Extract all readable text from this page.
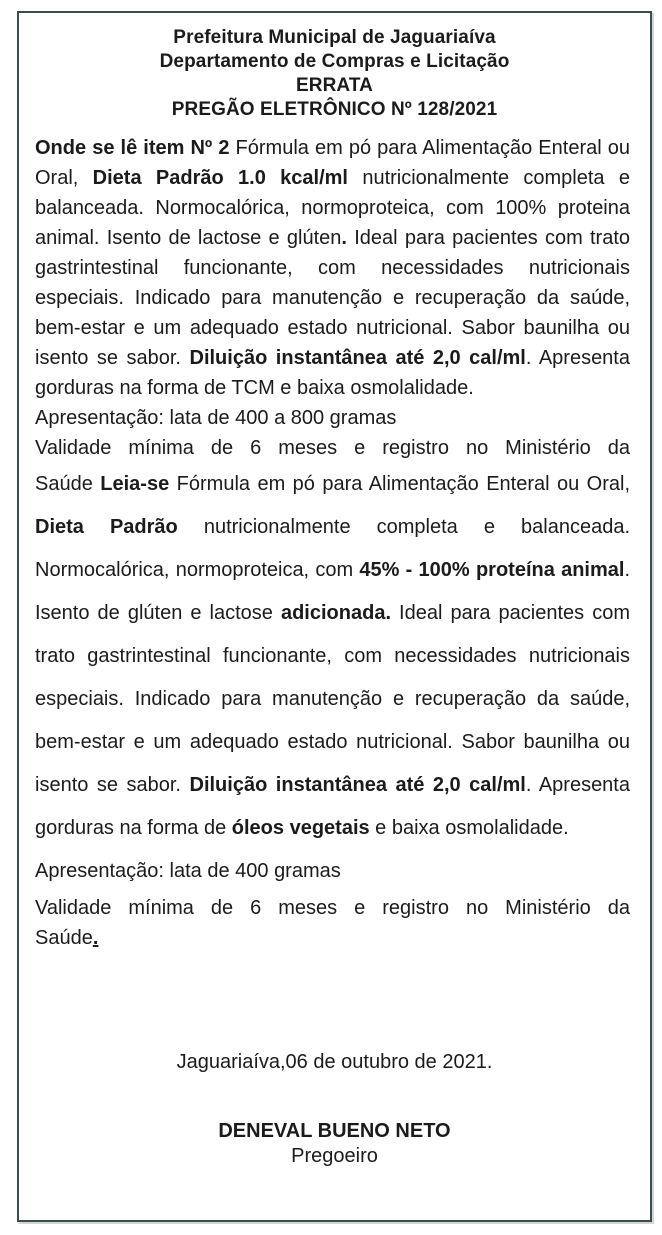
Prefeitura Municipal de Jaguariaíva
Departamento de Compras e Licitação
ERRATA
PREGÃO ELETRÔNICO Nº 128/2021

Onde se lê item Nº 2 Fórmula em pó para Alimentação Enteral ou Oral, Dieta Padrão 1.0 kcal/ml nutricionalmente completa e balanceada. Normocalórica, normoproteica, com 100% proteina animal. Isento de lactose e glúten. Ideal para pacientes com trato gastrintestinal funcionante, com necessidades nutricionais especiais. Indicado para manutenção e recuperação da saúde, bem-estar e um adequado estado nutricional. Sabor baunilha ou isento se sabor. Diluição instantânea até 2,0 cal/ml. Apresenta gorduras na forma de TCM e baixa osmolalidade.

Apresentação: lata de 400 a 800 gramas

Validade mínima de 6 meses e registro no Ministério da

Saúde Leia-se Fórmula em pó para Alimentação Enteral ou Oral, Dieta Padrão nutricionalmente completa e balanceada. Normocalórica, normoproteica, com 45% - 100% proteína animal. Isento de glúten e lactose adicionada. Ideal para pacientes com trato gastrintestinal funcionante, com necessidades nutricionais especiais. Indicado para manutenção e recuperação da saúde, bem-estar e um adequado estado nutricional. Sabor baunilha ou isento se sabor. Diluição instantânea até 2,0 cal/ml. Apresenta gorduras na forma de óleos vegetais e baixa osmolalidade.

Apresentação: lata de 400 gramas

Validade mínima de 6 meses e registro no Ministério da

Saúde.

Jaguariaíva,06 de outubro de 2021.
DENEVAL BUENO NETO
Pregoeiro
